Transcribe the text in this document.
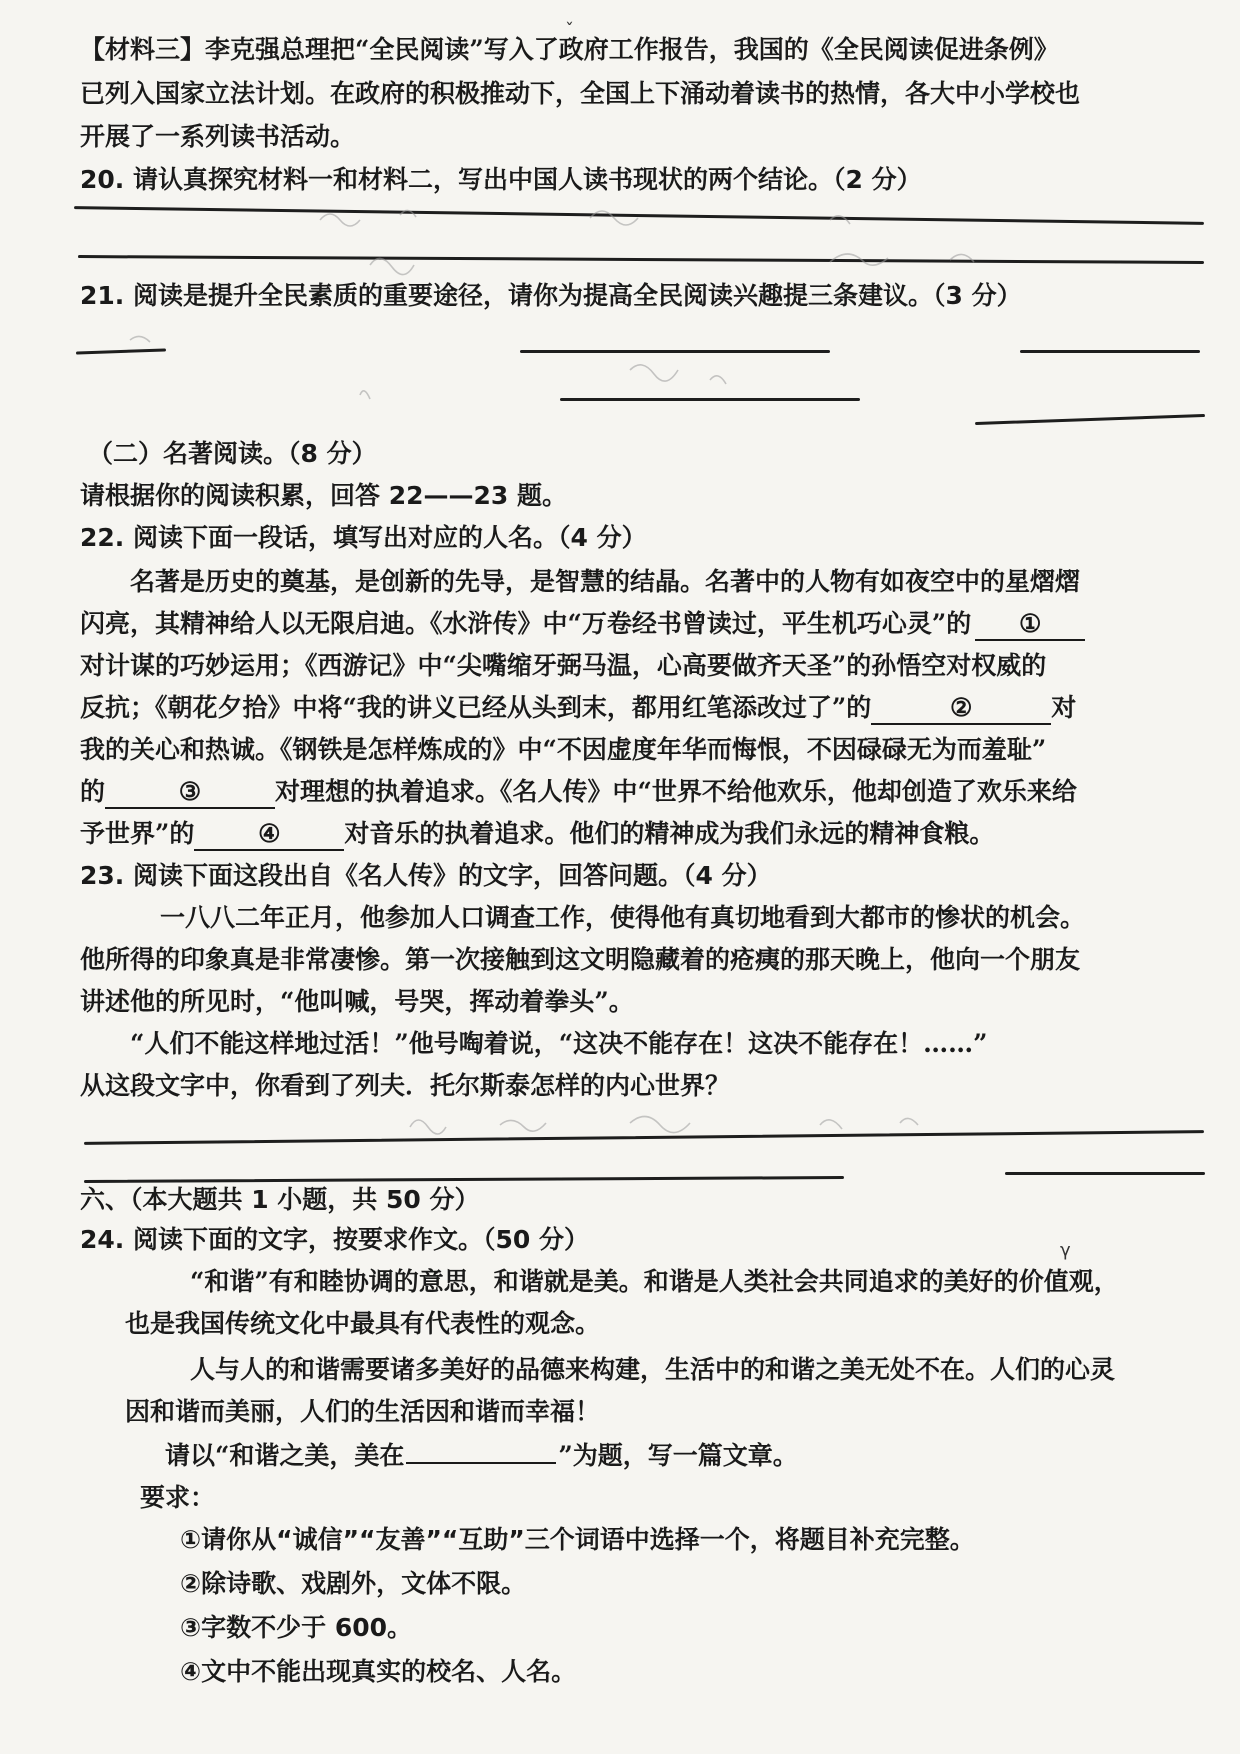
【材料三】李克强总理把“全民阅读”写入了政府工作报告，我国的《全民阅读促进条例》
已列入国家立法计划。在政府的积极推动下，全国上下涌动着读书的热情，各大中小学校也
开展了一系列读书活动。
20. 请认真探究材料一和材料二，写出中国人读书现状的两个结论。（2 分）
21. 阅读是提升全民素质的重要途径，请你为提高全民阅读兴趣提三条建议。（3 分）
（二）名著阅读。（8 分）
请根据你的阅读积累，回答 22——23 题。
22. 阅读下面一段话，填写出对应的人名。（4 分）
名著是历史的奠基，是创新的先导，是智慧的结晶。名著中的人物有如夜空中的星熠熠
闪亮，其精神给人以无限启迪。《水浒传》中“万卷经书曾读过，平生机巧心灵”的 ①
对计谋的巧妙运用；《西游记》中“尖嘴缩牙弼马温，心高要做齐天圣”的孙悟空对权威的
反抗；《朝花夕拾》中将“我的讲义已经从头到末，都用红笔添改过了”的	②	对
我的关心和热诚。《钢铁是怎样炼成的》中“不因虚度年华而悔恨，不因碌碌无为而羞耻”
的	③	对理想的执着追求。《名人传》中“世界不给他欢乐，他却创造了欢乐来给
予世界”的	④	对音乐的执着追求。他们的精神成为我们永远的精神食粮。
23. 阅读下面这段出自《名人传》的文字，回答问题。（4 分）
一八八二年正月，他参加人口调查工作，使得他有真切地看到大都市的惨状的机会。
他所得的印象真是非常凄惨。第一次接触到这文明隐藏着的疮痍的那天晚上，他向一个朋友
讲述他的所见时，“他叫喊，号哭，挥动着拳头”。
“人们不能这样地过活！”他号啕着说，“这决不能存在！这决不能存在！……”
从这段文字中，你看到了列夫．托尔斯泰怎样的内心世界？
六、（本大题共 1 小题，共 50 分）
24. 阅读下面的文字，按要求作文。（50 分）
“和谐”有和睦协调的意思，和谐就是美。和谐是人类社会共同追求的美好的价值观，
也是我国传统文化中最具有代表性的观念。
人与人的和谐需要诸多美好的品德来构建，生活中的和谐之美无处不在。人们的心灵
因和谐而美丽，人们的生活因和谐而幸福！
请以“和谐之美，美在	”为题，写一篇文章。
要求：
①请你从“诚信”“友善”“互助”三个词语中选择一个，将题目补充完整。
②除诗歌、戏剧外，文体不限。
③字数不少于 600。
④文中不能出现真实的校名、人名。
ˇ
γ
